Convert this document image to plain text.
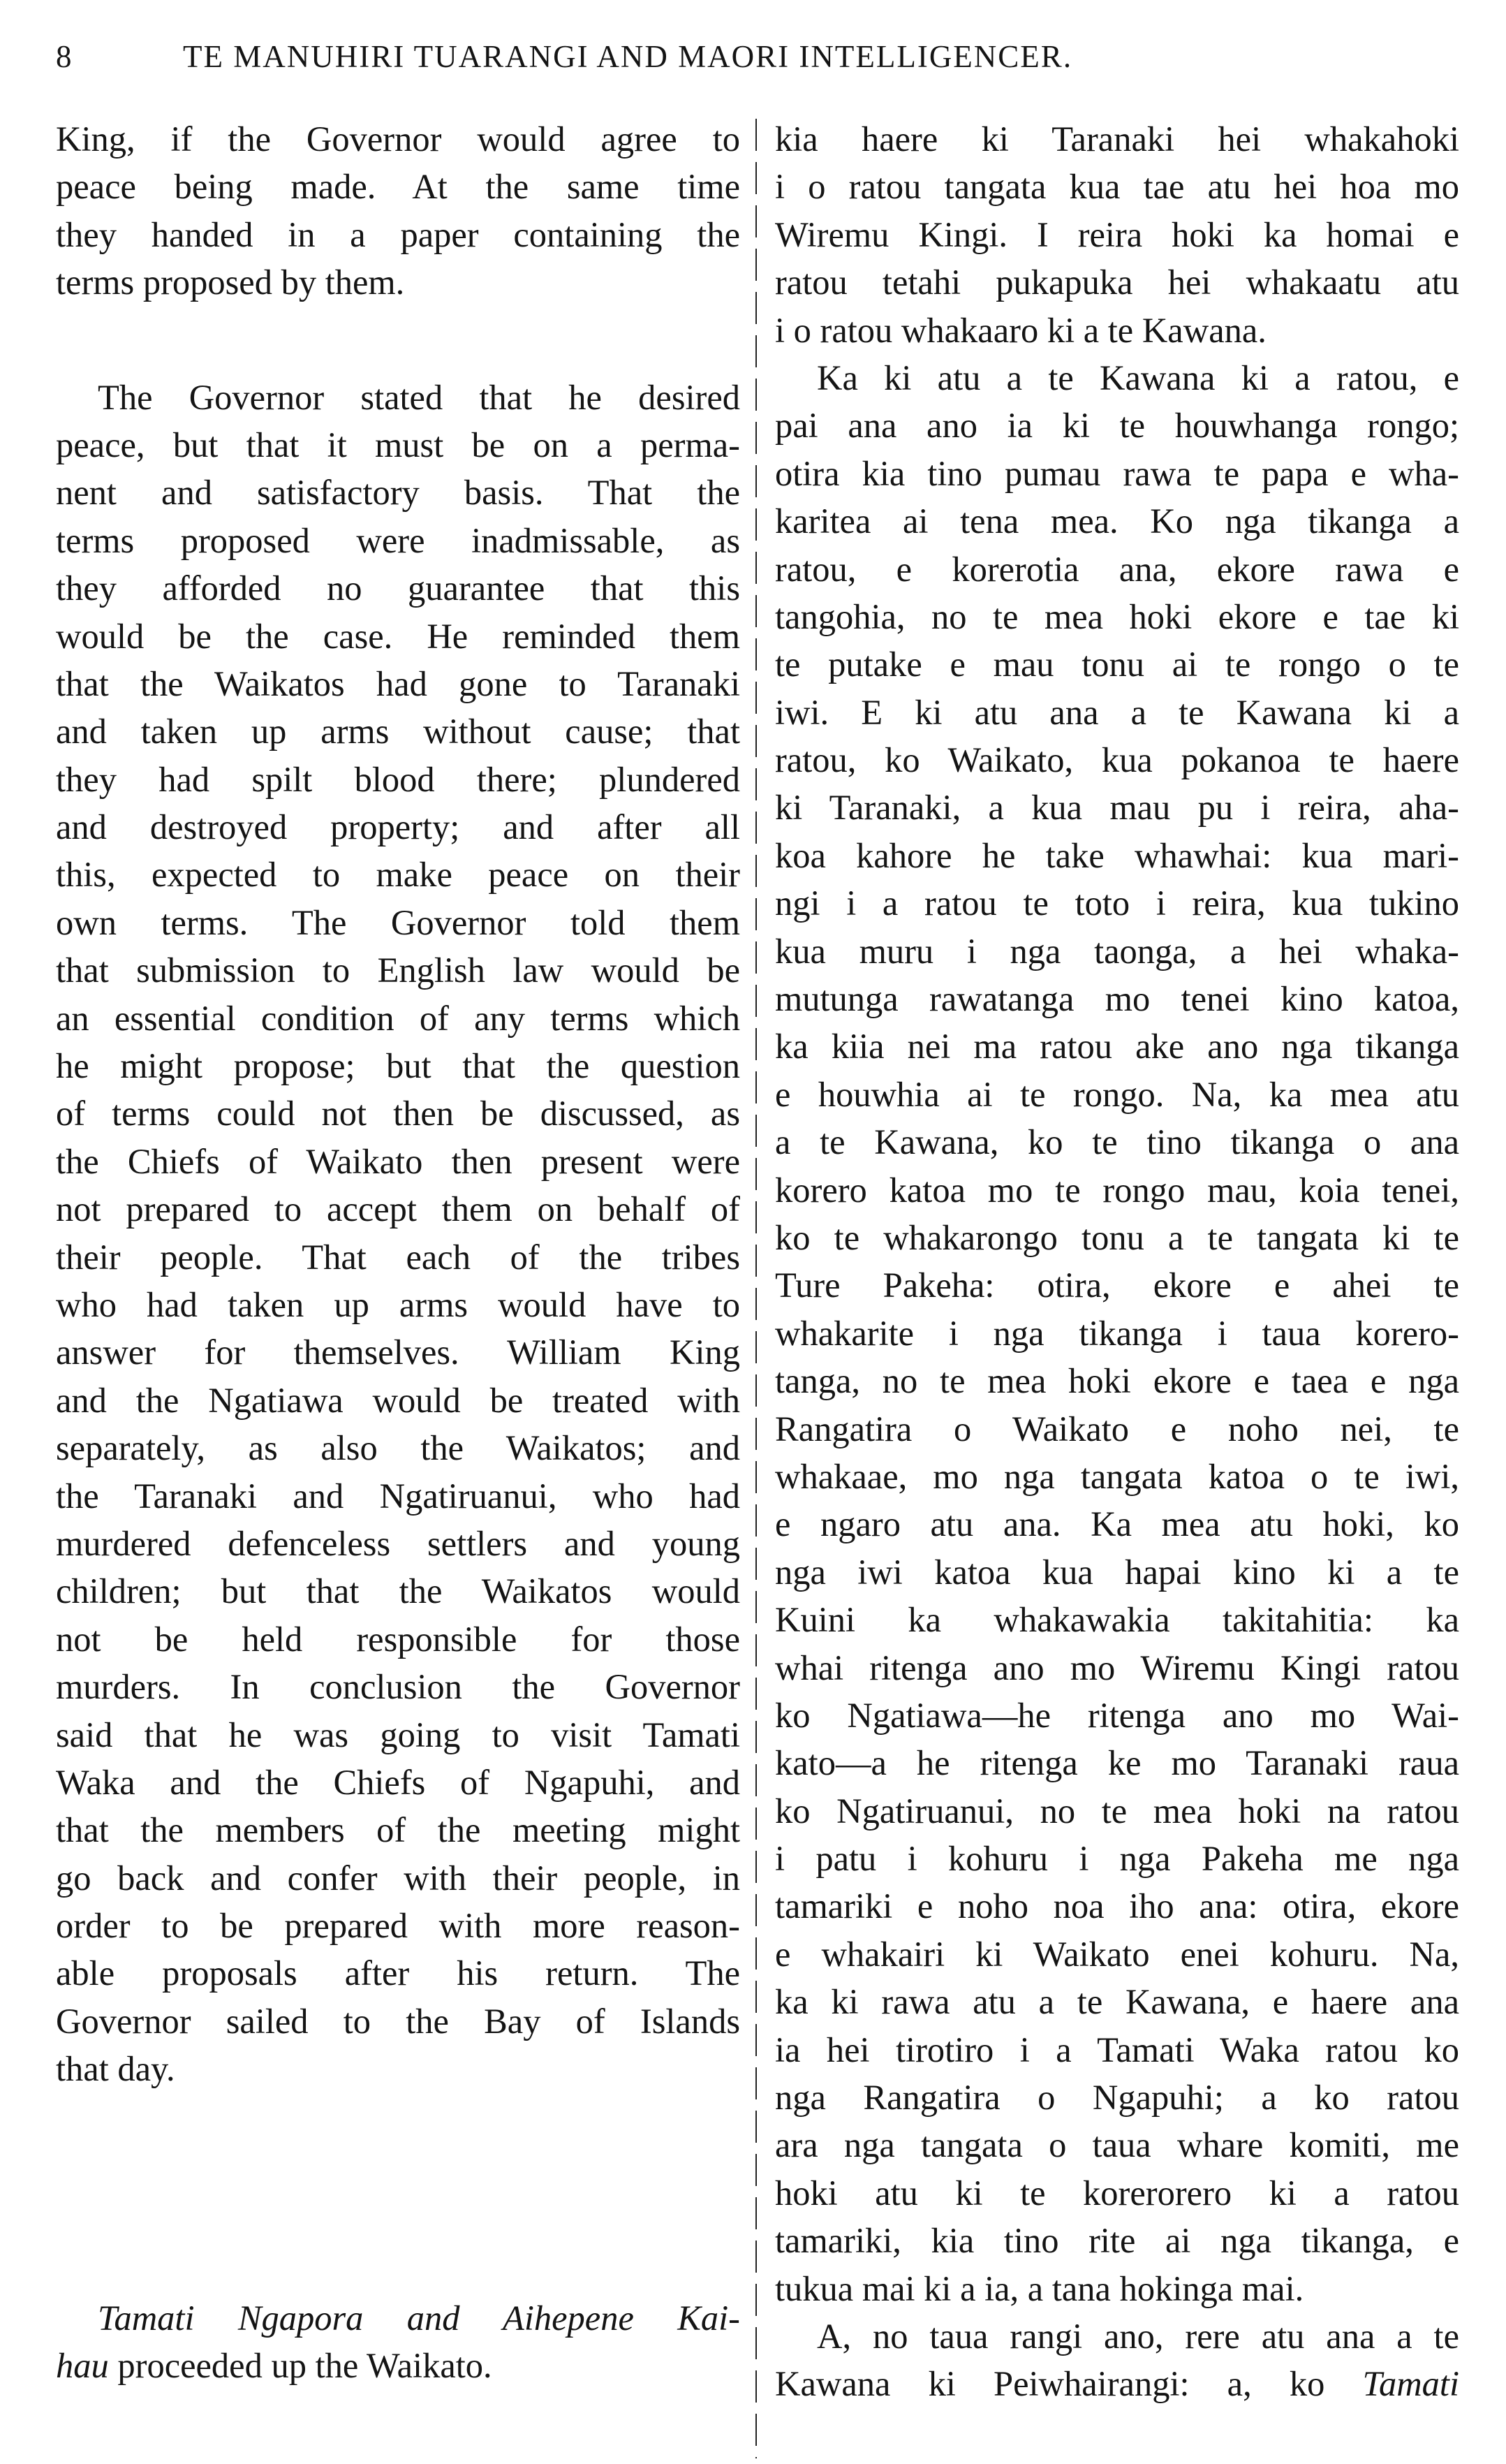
8	TE MANUHIRI TUARANGI AND MAORI INTELLIGENCER.
King, if the Governor would agree to
peace being made. At the same time
they handed in a paper containing the
terms proposed by them.
The Governor stated that he desired
peace, but that it must be on a perma-
nent and satisfactory basis. That the
terms proposed were inadmissable, as
they afforded no guarantee that this
would be the case. He reminded them
that the Waikatos had gone to Taranaki
and taken up arms without cause; that
they had spilt blood there; plundered
and destroyed property; and after all
this, expected to make peace on their
own terms. The Governor told them
that submission to English law would be
an essential condition of any terms which
he might propose; but that the question
of terms could not then be discussed, as
the Chiefs of Waikato then present were
not prepared to accept them on behalf of
their people. That each of the tribes
who had taken up arms would have to
answer for themselves. William King
and the Ngatiawa would be treated with
separately, as also the Waikatos; and
the Taranaki and Ngatiruanui, who had
murdered defenceless settlers and young
children; but that the Waikatos would
not be held responsible for those
murders. In conclusion the Governor
said that he was going to visit Tamati
Waka and the Chiefs of Ngapuhi, and
that the members of the meeting might
go back and confer with their people, in
order to be prepared with more reason-
able proposals after his return. The
Governor sailed to the Bay of Islands
that day.
Tamati Ngapora and Aihepene Kai-
hau proceeded up the Waikato.
kia haere ki Taranaki hei whakahoki
i o ratou tangata kua tae atu hei hoa mo
Wiremu Kingi. I reira hoki ka homai e
ratou tetahi pukapuka hei whakaatu atu
i o ratou whakaaro ki a te Kawana.
Ka ki atu a te Kawana ki a ratou, e
pai ana ano ia ki te houwhanga rongo;
otira kia tino pumau rawa te papa e wha-
karitea ai tena mea. Ko nga tikanga a
ratou, e korerotia ana, ekore rawa e
tangohia, no te mea hoki ekore e tae ki
te putake e mau tonu ai te rongo o te
iwi. E ki atu ana a te Kawana ki a
ratou, ko Waikato, kua pokanoa te haere
ki Taranaki, a kua mau pu i reira, aha-
koa kahore he take whawhai: kua mari-
ngi i a ratou te toto i reira, kua tukino
kua muru i nga taonga, a hei whaka-
mutunga rawatanga mo tenei kino katoa,
ka kiia nei ma ratou ake ano nga tikanga
e houwhia ai te rongo. Na, ka mea atu
a te Kawana, ko te tino tikanga o ana
korero katoa mo te rongo mau, koia tenei,
ko te whakarongo tonu a te tangata ki te
Ture Pakeha: otira, ekore e ahei te
whakarite i nga tikanga i taua korero-
tanga, no te mea hoki ekore e taea e nga
Rangatira o Waikato e noho nei, te
whakaae, mo nga tangata katoa o te iwi,
e ngaro atu ana. Ka mea atu hoki, ko
nga iwi katoa kua hapai kino ki a te
Kuini ka whakawakia takitahitia: ka
whai ritenga ano mo Wiremu Kingi ratou
ko Ngatiawa—he ritenga ano mo Wai-
kato—a he ritenga ke mo Taranaki raua
ko Ngatiruanui, no te mea hoki na ratou
i patu i kohuru i nga Pakeha me nga
tamariki e noho noa iho ana: otira, ekore
e whakairi ki Waikato enei kohuru. Na,
ka ki rawa atu a te Kawana, e haere ana
ia hei tirotiro i a Tamati Waka ratou ko
nga Rangatira o Ngapuhi; a ko ratou
ara nga tangata o taua whare komiti, me
hoki atu ki te korerorero ki a ratou
tamariki, kia tino rite ai nga tikanga, e
tukua mai ki a ia, a tana hokinga mai.
A, no taua rangi ano, rere atu ana a te
Kawana ki Peiwhairangi: a, ko Tamati
